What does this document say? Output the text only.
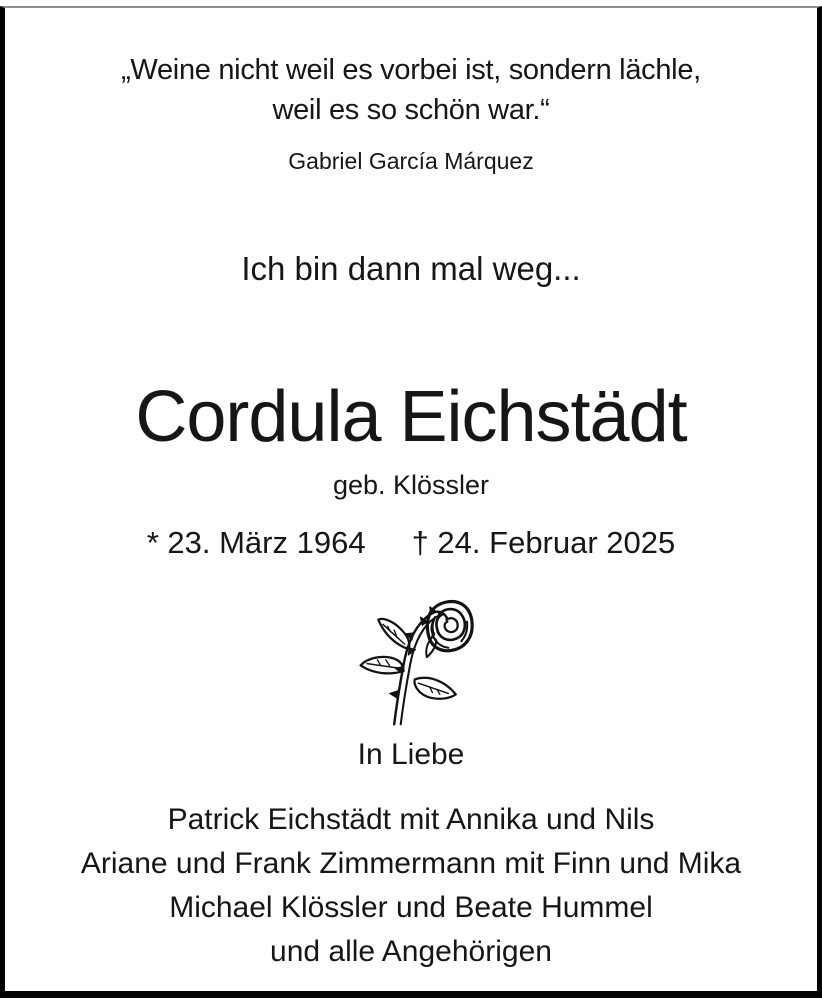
„Weine nicht weil es vorbei ist, sondern lächle,
weil es so schön war.“
Gabriel García Márquez
Ich bin dann mal weg...
Cordula Eichstädt
geb. Klössler
* 23. März 1964 † 24. Februar 2025
In Liebe
Patrick Eichstädt mit Annika und Nils
Ariane und Frank Zimmermann mit Finn und Mika
Michael Klössler und Beate Hummel
und alle Angehörigen
